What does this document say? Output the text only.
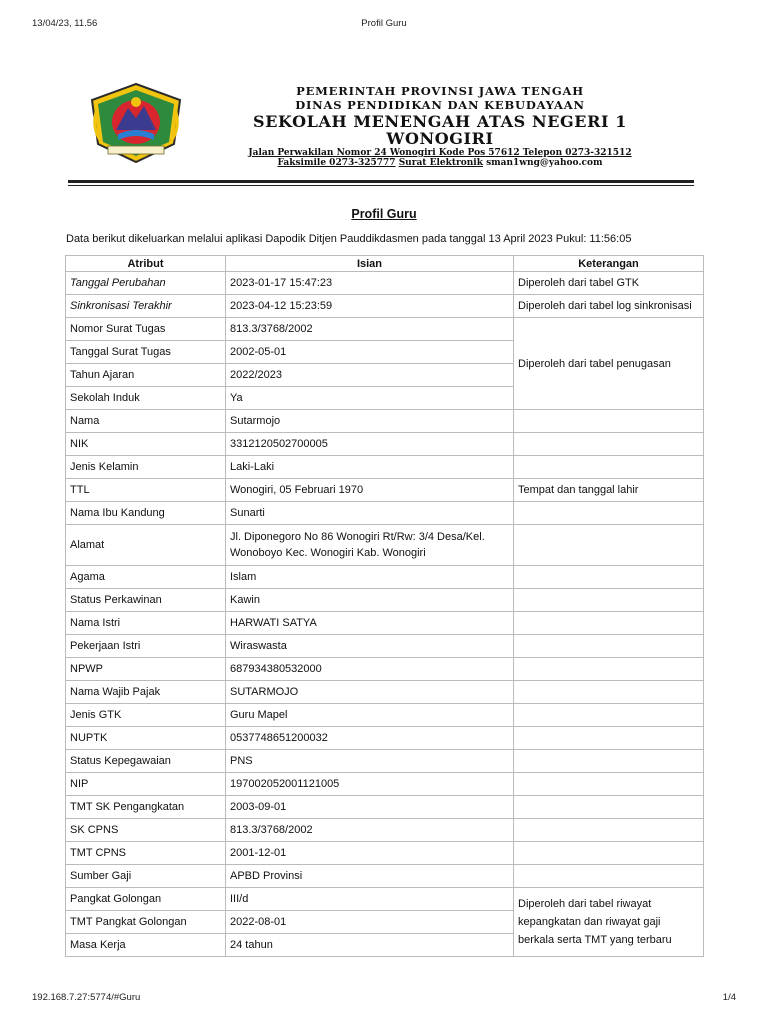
13/04/23, 11.56	Profil Guru
PEMERINTAH PROVINSI JAWA TENGAH
DINAS PENDIDIKAN DAN KEBUDAYAAN
SEKOLAH MENENGAH ATAS NEGERI 1
WONOGIRI
Jalan Perwakilan Nomor 24 Wonogiri Kode Pos 57612 Telepon 0273-321512
Faksimile 0273-325777 Surat Elektronik sman1wng@yahoo.com
Profil Guru
Data berikut dikeluarkan melalui aplikasi Dapodik Ditjen Pauddikdasmen pada tanggal 13 April 2023 Pukul: 11:56:05
Atribut	Isian	Keterangan
Tanggal Perubahan	2023-01-17 15:47:23	Diperoleh dari tabel GTK
Sinkronisasi Terakhir	2023-04-12 15:23:59	Diperoleh dari tabel log sinkronisasi
Nomor Surat Tugas	813.3/3768/2002	Diperoleh dari tabel penugasan
Tanggal Surat Tugas	2002-05-01	
Tahun Ajaran	2022/2023	
Sekolah Induk	Ya	
Nama	Sutarmojo	
NIK	3312120502700005	
Jenis Kelamin	Laki-Laki	
TTL	Wonogiri, 05 Februari 1970	Tempat dan tanggal lahir
Nama Ibu Kandung	Sunarti	
Alamat	Jl. Diponegoro No 86 Wonogiri Rt/Rw: 3/4 Desa/Kel. Wonoboyo Kec. Wonogiri Kab. Wonogiri	
Agama	Islam	
Status Perkawinan	Kawin	
Nama Istri	HARWATI SATYA	
Pekerjaan Istri	Wiraswasta	
NPWP	687934380532000	
Nama Wajib Pajak	SUTARMOJO	
Jenis GTK	Guru Mapel	
NUPTK	0537748651200032	
Status Kepegawaian	PNS	
NIP	197002052001121005	
TMT SK Pengangkatan	2003-09-01	
SK CPNS	813.3/3768/2002	
TMT CPNS	2001-12-01	
Sumber Gaji	APBD Provinsi	
Pangkat Golongan	III/d	Diperoleh dari tabel riwayat kepangkatan dan riwayat gaji berkala serta TMT yang terbaru
TMT Pangkat Golongan	2022-08-01	
Masa Kerja	24 tahun	
192.168.7.27:5774/#Guru	1/4
